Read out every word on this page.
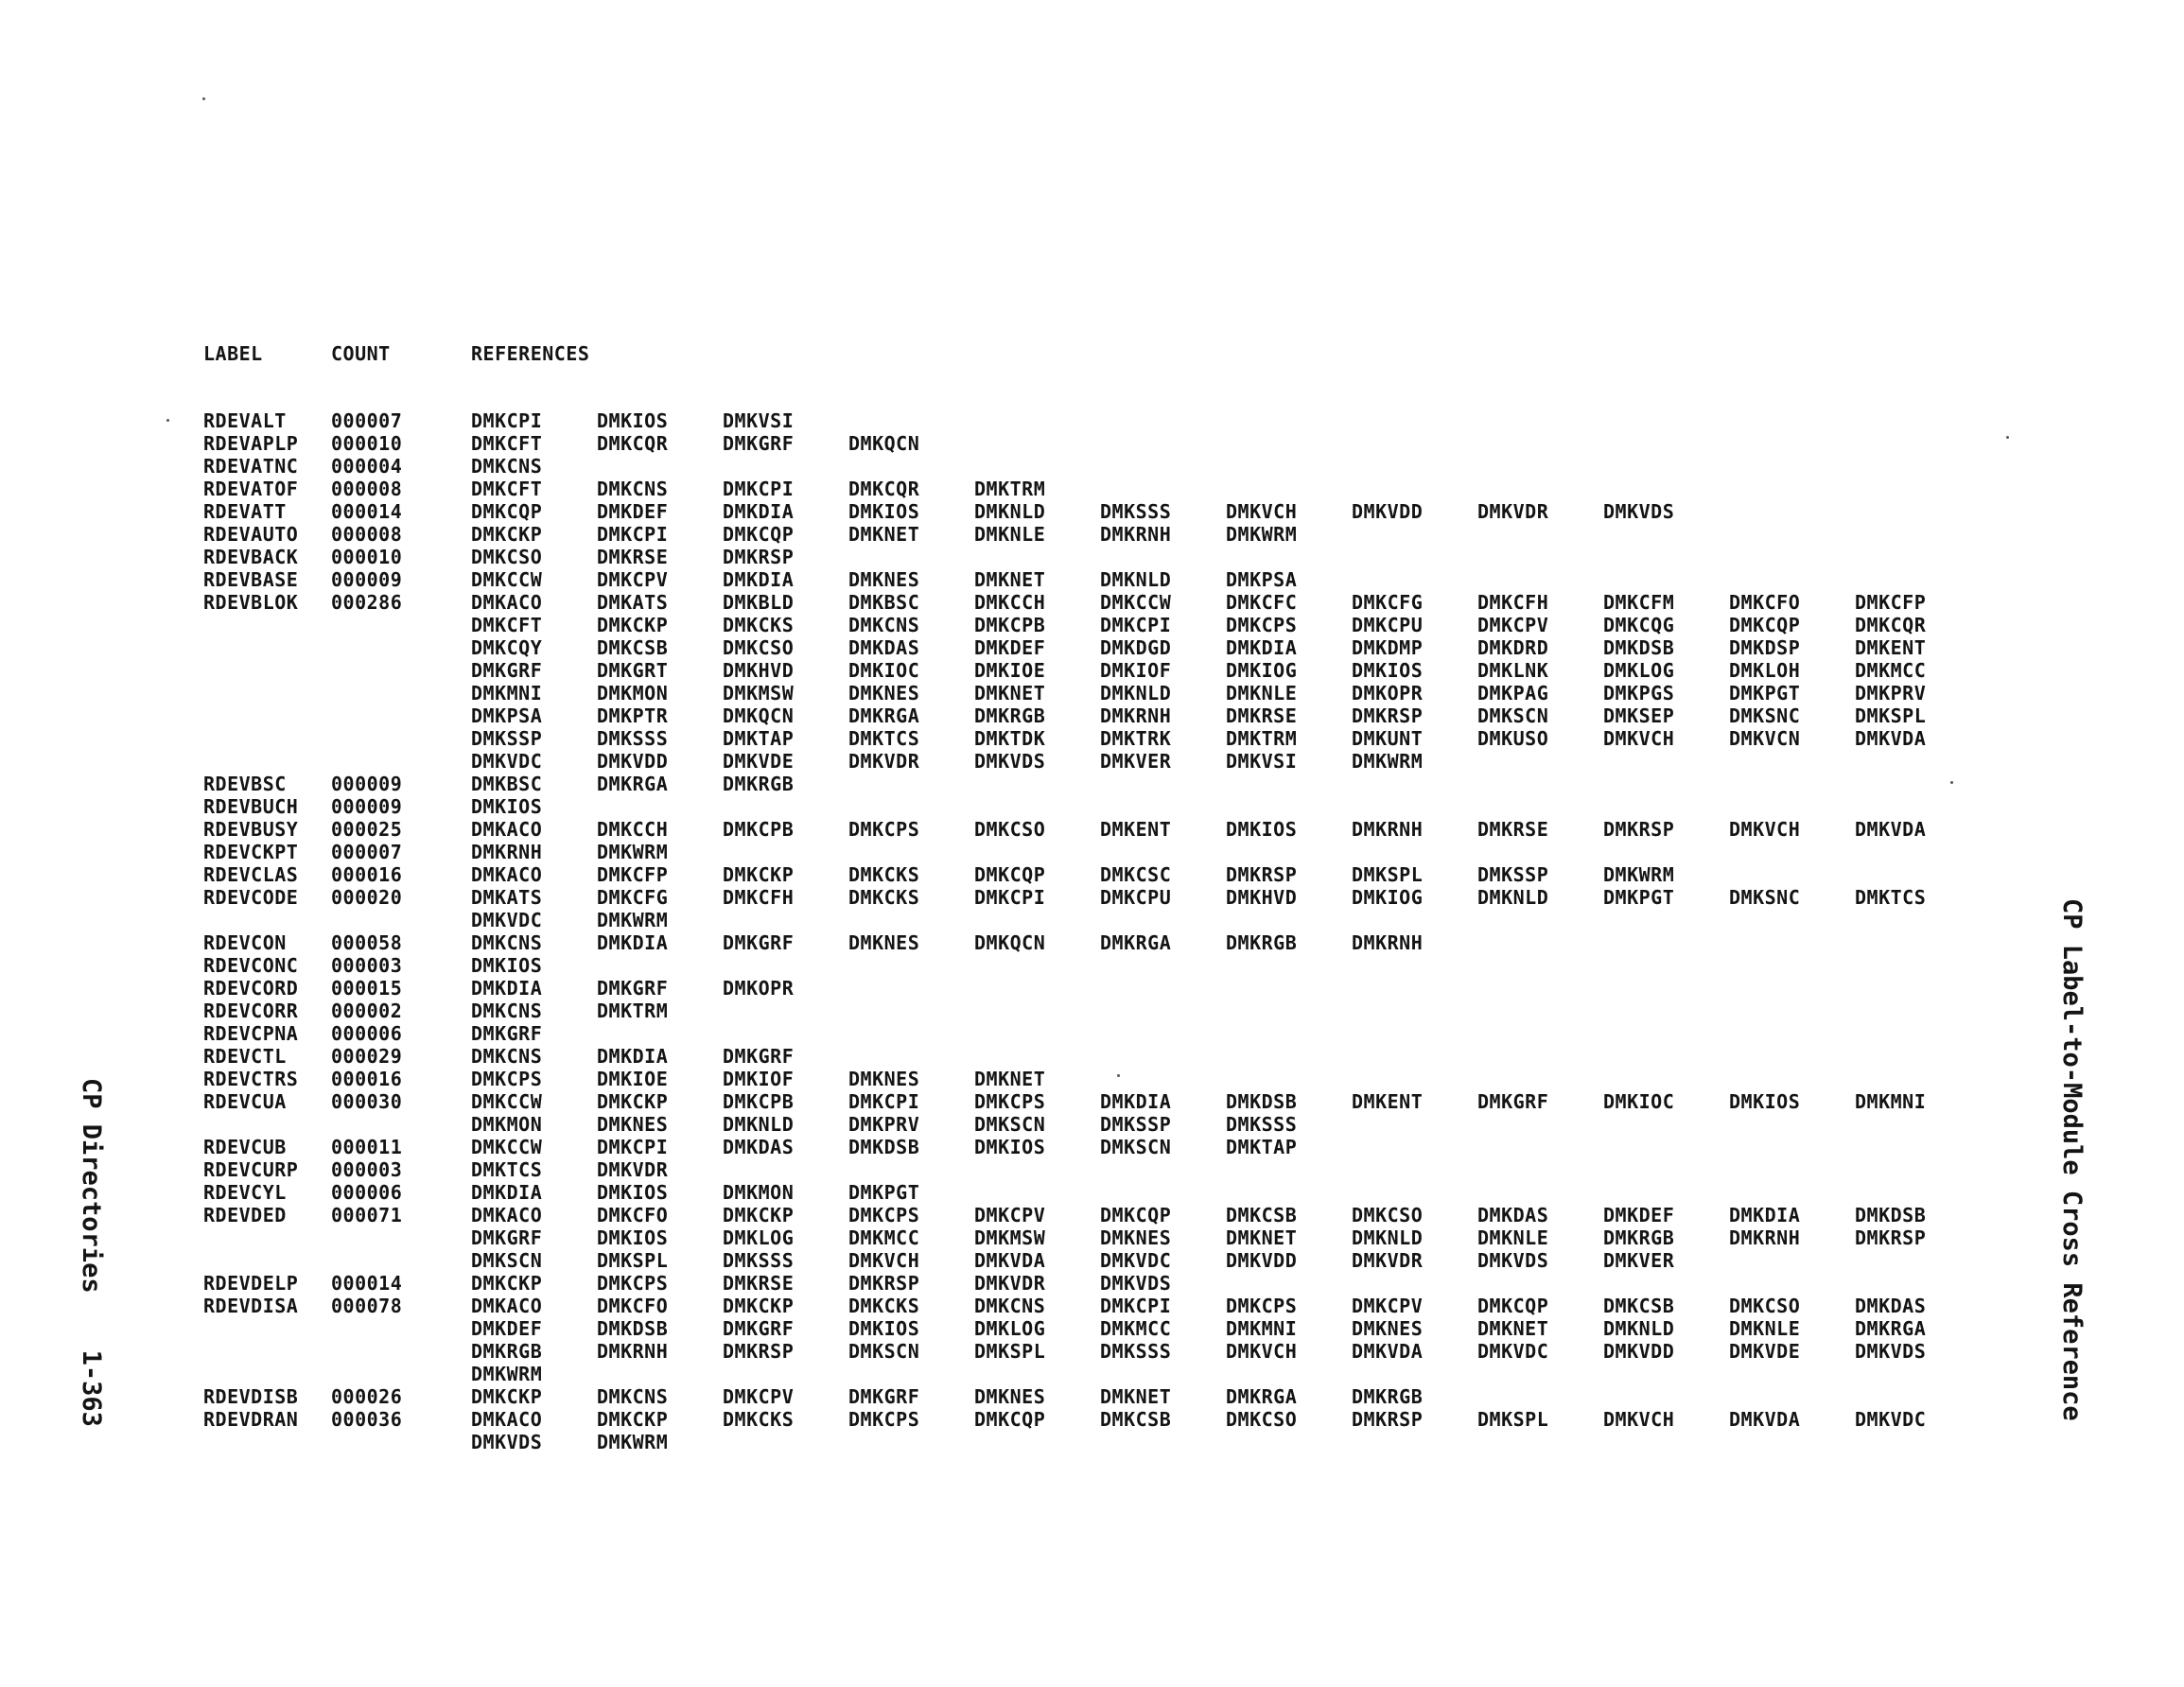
CP Directories1-363	CP Label-to-Module Cross Reference
LABEL	COUNT	REFERENCES
RDEVALT 000007	DMKCPI	DMKIOS	DMKVSI
RDEVAPLP 000010	DMKCFT	DMKCQR	DMKGRF	DMKQCN
RDEVATNC 000004	DMKCNS
RDEVATOF 000008	DMKCFT	DMKCNS	DMKCPI	DMKCQR	DMKTRM
RDEVATT 000014	DMKCQP	DMKDEF	DMKDIA	DMKIOS	DMKNLD	DMKSSS	DMKVCH	DMKVDD	DMKVDR	DMKVDS
RDEVAUTO 000008	DMKCKP	DMKCPI	DMKCQP	DMKNET	DMKNLE	DMKRNH	DMKWRM
RDEVBACK 000010	DMKCSO	DMKRSE	DMKRSP
RDEVBASE 000009	DMKCCW	DMKCPV	DMKDIA	DMKNES	DMKNET	DMKNLD	DMKPSA
RDEVBLOK 000286	DMKACO	DMKATS	DMKBLD	DMKBSC	DMKCCH	DMKCCW	DMKCFC	DMKCFG	DMKCFH	DMKCFM	DMKCFO	DMKCFP
DMKCFT	DMKCKP	DMKCKS	DMKCNS	DMKCPB	DMKCPI	DMKCPS	DMKCPU	DMKCPV	DMKCQG	DMKCQP	DMKCQR
DMKCQY	DMKCSB	DMKCSO	DMKDAS	DMKDEF	DMKDGD	DMKDIA	DMKDMP	DMKDRD	DMKDSB	DMKDSP	DMKENT
DMKGRF	DMKGRT	DMKHVD	DMKIOC	DMKIOE	DMKIOF	DMKIOG	DMKIOS	DMKLNK	DMKLOG	DMKLOH	DMKMCC
DMKMNI	DMKMON	DMKMSW	DMKNES	DMKNET	DMKNLD	DMKNLE	DMKOPR	DMKPAG	DMKPGS	DMKPGT	DMKPRV
DMKPSA	DMKPTR	DMKQCN	DMKRGA	DMKRGB	DMKRNH	DMKRSE	DMKRSP	DMKSCN	DMKSEP	DMKSNC	DMKSPL
DMKSSP	DMKSSS	DMKTAP	DMKTCS	DMKTDK	DMKTRK	DMKTRM	DMKUNT	DMKUSO	DMKVCH	DMKVCN	DMKVDA
DMKVDC	DMKVDD	DMKVDE	DMKVDR	DMKVDS	DMKVER	DMKVSI	DMKWRM
RDEVBSC 000009	DMKBSC	DMKRGA	DMKRGB
RDEVBUCH 000009	DMKIOS
RDEVBUSY 000025	DMKACO	DMKCCH	DMKCPB	DMKCPS	DMKCSO	DMKENT	DMKIOS	DMKRNH	DMKRSE	DMKRSP	DMKVCH	DMKVDA
RDEVCKPT 000007	DMKRNH	DMKWRM
RDEVCLAS 000016	DMKACO	DMKCFP	DMKCKP	DMKCKS	DMKCQP	DMKCSC	DMKRSP	DMKSPL	DMKSSP	DMKWRM
RDEVCODE 000020	DMKATS	DMKCFG	DMKCFH	DMKCKS	DMKCPI	DMKCPU	DMKHVD	DMKIOG	DMKNLD	DMKPGT	DMKSNC	DMKTCS
DMKVDC	DMKWRM
RDEVCON 000058	DMKCNS	DMKDIA	DMKGRF	DMKNES	DMKQCN	DMKRGA	DMKRGB	DMKRNH
RDEVCONC 000003	DMKIOS
RDEVCORD 000015	DMKDIA	DMKGRF	DMKOPR
RDEVCORR 000002	DMKCNS	DMKTRM
RDEVCPNA 000006	DMKGRF
RDEVCTL 000029	DMKCNS	DMKDIA	DMKGRF
RDEVCTRS 000016	DMKCPS	DMKIOE	DMKIOF	DMKNES	DMKNET
RDEVCUA 000030	DMKCCW	DMKCKP	DMKCPB	DMKCPI	DMKCPS	DMKDIA	DMKDSB	DMKENT	DMKGRF	DMKIOC	DMKIOS	DMKMNI
DMKMON	DMKNES	DMKNLD	DMKPRV	DMKSCN	DMKSSP	DMKSSS
RDEVCUB 000011	DMKCCW	DMKCPI	DMKDAS	DMKDSB	DMKIOS	DMKSCN	DMKTAP
RDEVCURP 000003	DMKTCS	DMKVDR
RDEVCYL 000006	DMKDIA	DMKIOS	DMKMON	DMKPGT
RDEVDED 000071	DMKACO	DMKCFO	DMKCKP	DMKCPS	DMKCPV	DMKCQP	DMKCSB	DMKCSO	DMKDAS	DMKDEF	DMKDIA	DMKDSB
DMKGRF	DMKIOS	DMKLOG	DMKMCC	DMKMSW	DMKNES	DMKNET	DMKNLD	DMKNLE	DMKRGB	DMKRNH	DMKRSP
DMKSCN	DMKSPL	DMKSSS	DMKVCH	DMKVDA	DMKVDC	DMKVDD	DMKVDR	DMKVDS	DMKVER
RDEVDELP 000014	DMKCKP	DMKCPS	DMKRSE	DMKRSP	DMKVDR	DMKVDS
RDEVDISA 000078	DMKACO	DMKCFO	DMKCKP	DMKCKS	DMKCNS	DMKCPI	DMKCPS	DMKCPV	DMKCQP	DMKCSB	DMKCSO	DMKDAS
DMKDEF	DMKDSB	DMKGRF	DMKIOS	DMKLOG	DMKMCC	DMKMNI	DMKNES	DMKNET	DMKNLD	DMKNLE	DMKRGA
DMKRGB	DMKRNH	DMKRSP	DMKSCN	DMKSPL	DMKSSS	DMKVCH	DMKVDA	DMKVDC	DMKVDD	DMKVDE	DMKVDS
DMKWRM
RDEVDISB 000026	DMKCKP	DMKCNS	DMKCPV	DMKGRF	DMKNES	DMKNET	DMKRGA	DMKRGB
RDEVDRAN 000036	DMKACO	DMKCKP	DMKCKS	DMKCPS	DMKCQP	DMKCSB	DMKCSO	DMKRSP	DMKSPL	DMKVCH	DMKVDA	DMKVDC
DMKVDS	DMKWRM
